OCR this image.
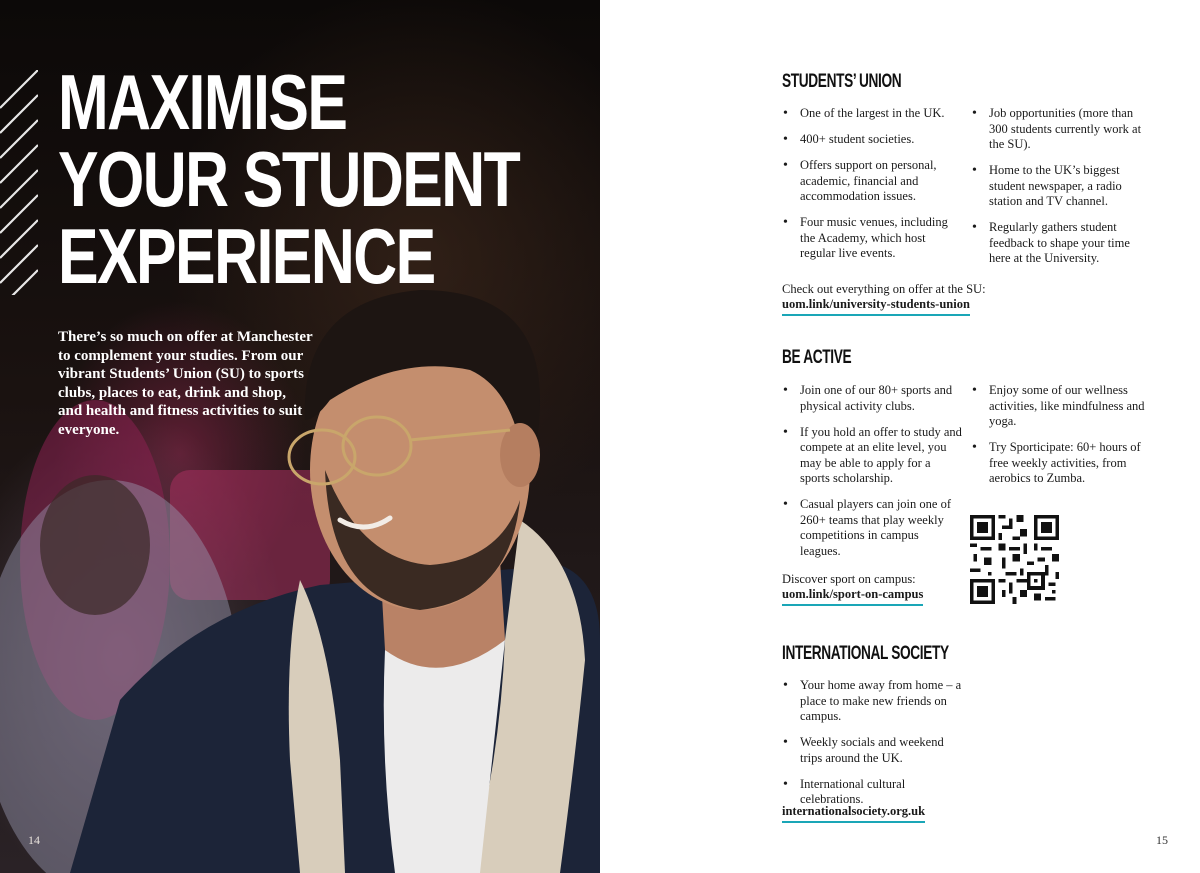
MAXIMISE
YOUR STUDENT
EXPERIENCE

There’s so much on offer at Manchester to complement your studies. From our vibrant Students’ Union (SU) to sports clubs, places to eat, drink and shop, and health and fitness activities to suit everyone.

14
STUDENTS’ UNION
• One of the largest in the UK.
• 400+ student societies.
• Offers support on personal, academic, financial and accommodation issues.
• Four music venues, including the Academy, which host regular live events.
• Job opportunities (more than 300 students currently work at the SU).
• Home to the UK’s biggest student newspaper, a radio station and TV channel.
• Regularly gathers student feedback to shape your time here at the University.

Check out everything on offer at the SU:

uom.link/university-students-union
BE ACTIVE
• Join one of our 80+ sports and physical activity clubs.
• If you hold an offer to study and compete at an elite level, you may be able to apply for a sports scholarship.
• Casual players can join one of 260+ teams that play weekly competitions in campus leagues.
• Enjoy some of our wellness activities, like mindfulness and yoga.
• Try Sporticipate: 60+ hours of free weekly activities, from aerobics to Zumba.

Discover sport on campus:

uom.link/sport-on-campus
INTERNATIONAL SOCIETY
• Your home away from home – a place to make new friends on campus.
• Weekly socials and weekend trips around the UK.
• International cultural celebrations.
internationalsociety.org.uk
15
